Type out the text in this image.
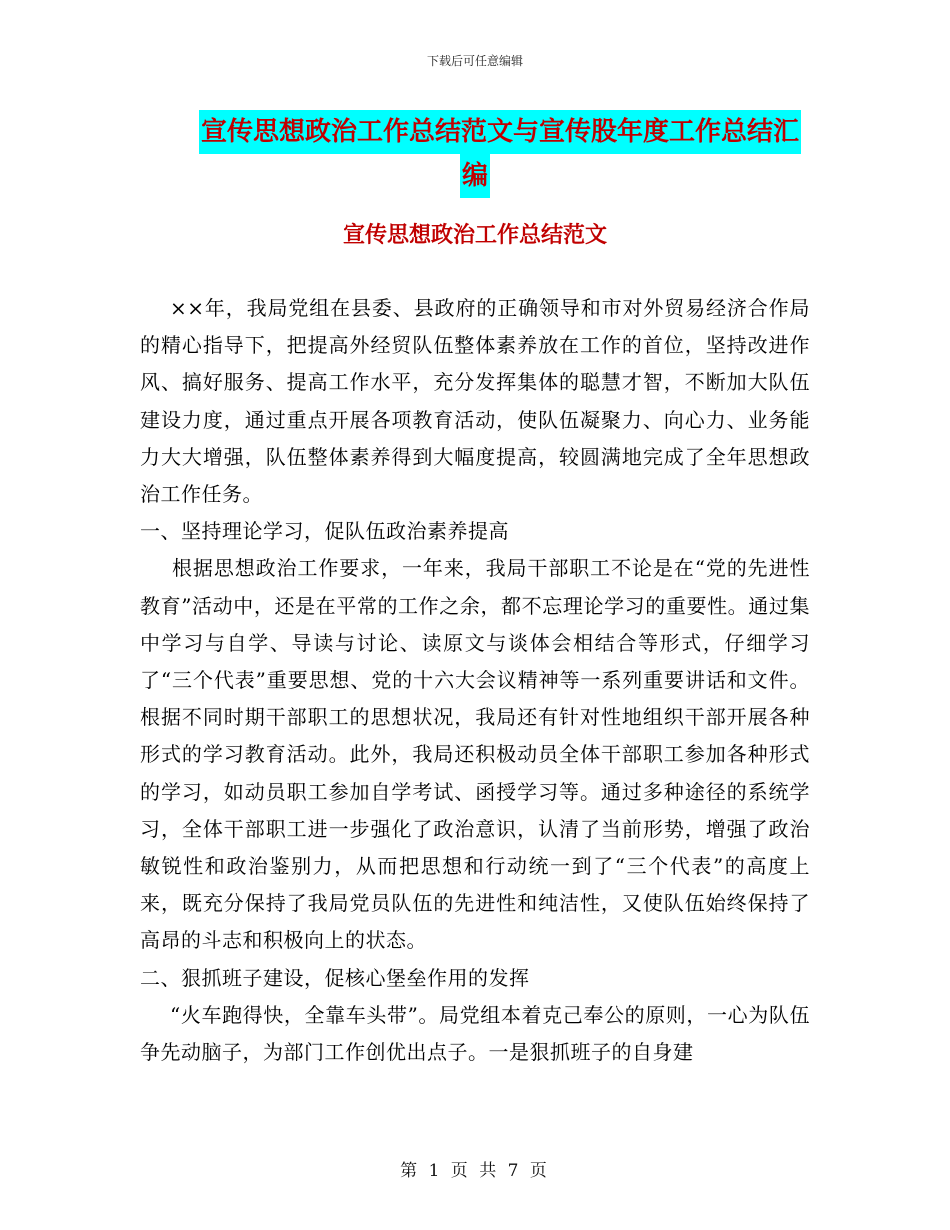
下载后可任意编辑
宣传思想政治工作总结范文与宣传股年度工作总结汇
编
宣传思想政治工作总结范文

××年，我局党组在县委、县政府的正确领导和市对外贸易经济合作局的精心指导下，把提高外经贸队伍整体素养放在工作的首位，坚持改进作风、搞好服务、提高工作水平，充分发挥集体的聪慧才智，不断加大队伍建设力度，通过重点开展各项教育活动，使队伍凝聚力、向心力、业务能力大大增强，队伍整体素养得到大幅度提高，较圆满地完成了全年思想政治工作任务。

一、坚持理论学习，促队伍政治素养提高

根据思想政治工作要求，一年来，我局干部职工不论是在“党的先进性教育”活动中，还是在平常的工作之余，都不忘理论学习的重要性。通过集中学习与自学、导读与讨论、读原文与谈体会相结合等形式，仔细学习了“三个代表”重要思想、党的十六大会议精神等一系列重要讲话和文件。根据不同时期干部职工的思想状况，我局还有针对性地组织干部开展各种形式的学习教育活动。此外，我局还积极动员全体干部职工参加各种形式的学习，如动员职工参加自学考试、函授学习等。通过多种途径的系统学习，全体干部职工进一步强化了政治意识，认清了当前形势，增强了政治敏锐性和政治鉴别力，从而把思想和行动统一到了“三个代表”的高度上来，既充分保持了我局党员队伍的先进性和纯洁性，又使队伍始终保持了高昂的斗志和积极向上的状态。

二、狠抓班子建设，促核心堡垒作用的发挥

“火车跑得快，全靠车头带”。局党组本着克己奉公的原则，一心为队伍争先动脑子，为部门工作创优出点子。一是狠抓班子的自身建

第 1 页 共 7 页
